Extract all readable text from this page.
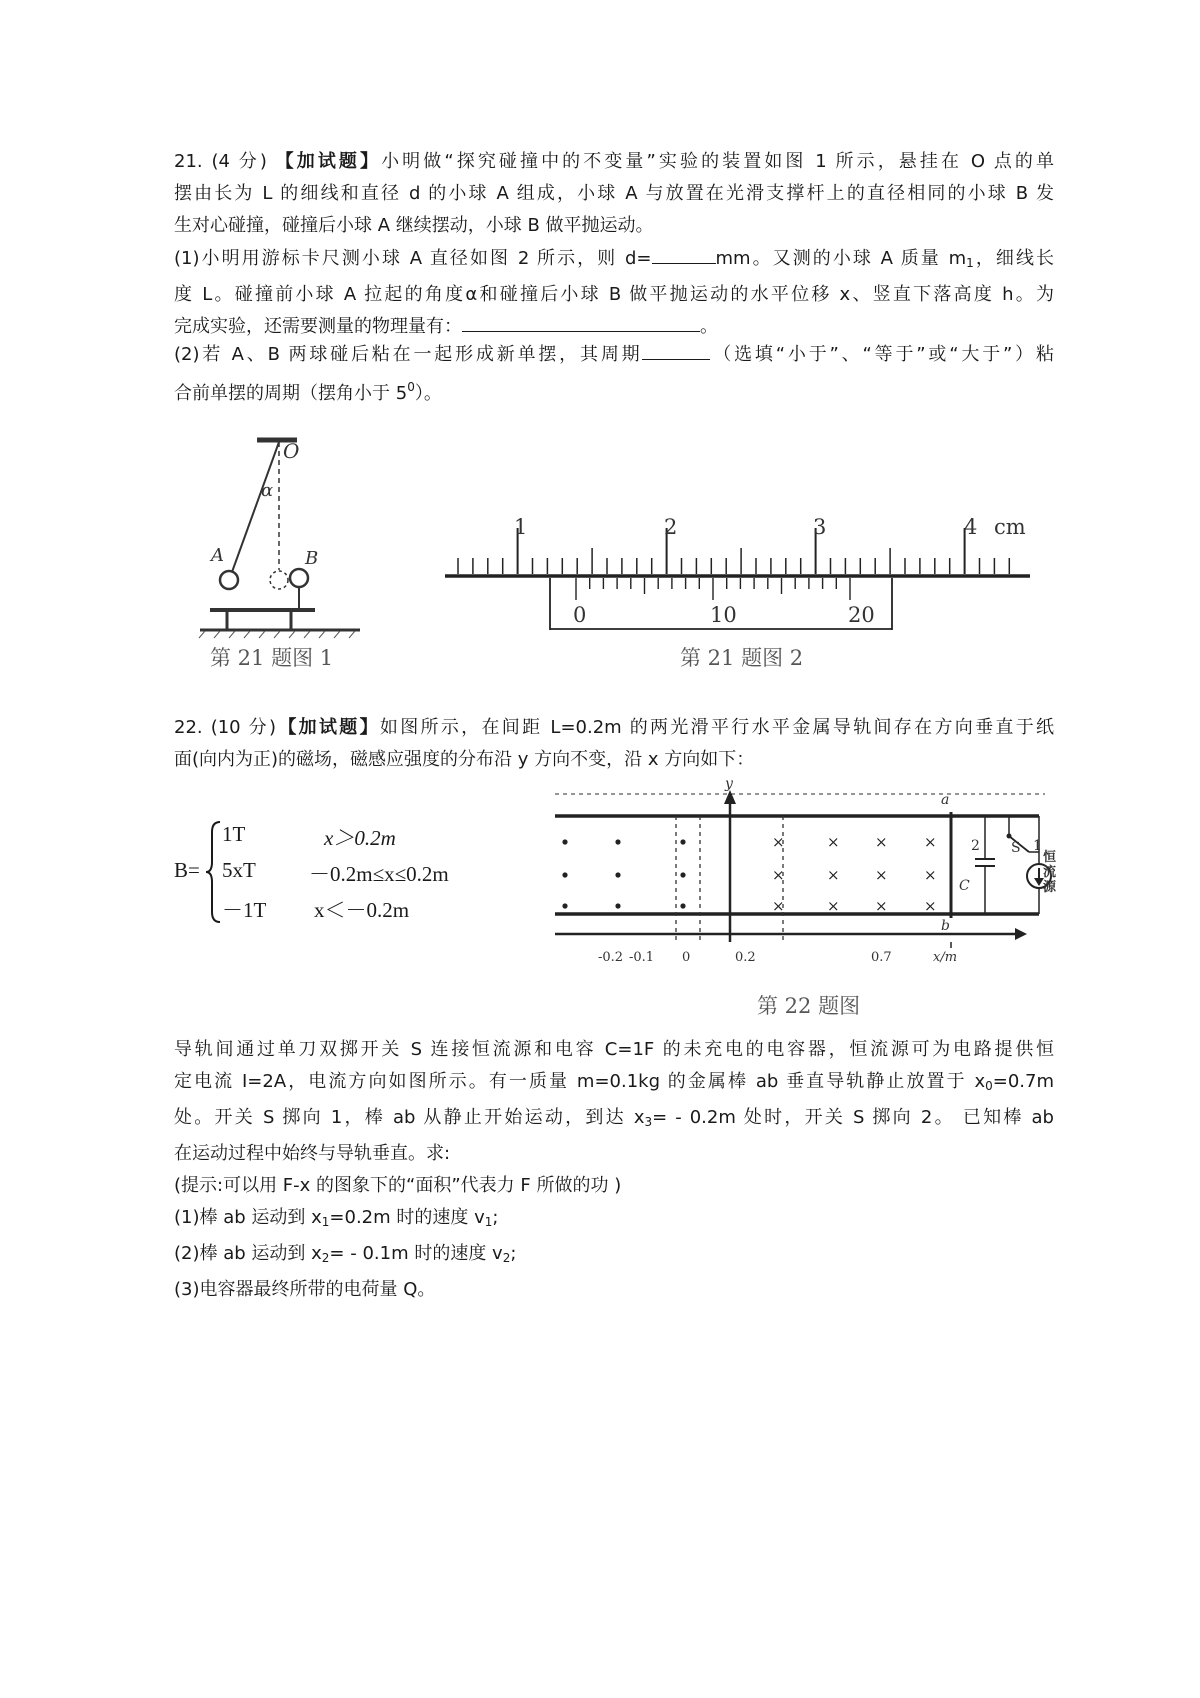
21. (4 分) 【加试题】小明做“探究碰撞中的不变量”实验的装置如图 1 所示，悬挂在 O 点的单
摆由长为 L 的细线和直径 d 的小球 A 组成，小球 A 与放置在光滑支撑杆上的直径相同的小球 B 发
生对心碰撞，碰撞后小球 A 继续摆动，小球 B 做平抛运动。
(1)小明用游标卡尺测小球 A 直径如图 2 所示，则 d=	mm。又测的小球 A 质量 $m_1$，细线长
度 L。碰撞前小球 A 拉起的角度α和碰撞后小球 B 做平抛运动的水平位移 x、竖直下落高度 h。为
完成实验，还需要测量的物理量有：	。
(2)若 A、B 两球碰后粘在一起形成新单摆，其周期	（选填“小于”、“等于”或“大于”）粘
合前单摆的周期（摆角小于 $5^0$）。
O
α
A	B
第 21 题图 1
1	2	3	4 cm
0	10	20
第 21 题图 2
22. (10 分)【加试题】如图所示，在间距 L=0.2m 的两光滑平行水平金属导轨间存在方向垂直于纸
面(向内为正)的磁场，磁感应强度的分布沿 y 方向不变，沿 x 方向如下：
B=
1T	x＞0.2m
5xT	－0.2m≤x≤0.2m
－1T x＜－0.2m
×	× × ×
×	× × ×
×	× × ×
y
a
b
S 1
2
C
-0.2 -0.1 0	0.2	0.7	x/m
恒
流
源
第 22 题图
导轨间通过单刀双掷开关 S 连接恒流源和电容 C=1F 的未充电的电容器，恒流源可为电路提供恒
定电流 I=2A，电流方向如图所示。有一质量 m=0.1kg 的金属棒 ab 垂直导轨静止放置于 $x_0=0.7m$
处。开关 S 掷向 1，棒 ab 从静止开始运动，到达 $x_3= - 0.2m$ 处时，开关 S 掷向 2。 已知棒 ab
在运动过程中始终与导轨垂直。求:
(提示:可以用 F-x 的图象下的“面积”代表力 F 所做的功 )
(1)棒 ab 运动到 $x_1=0.2m$ 时的速度 $v_1$;
(2)棒 ab 运动到 $x_2= - 0.1m$ 时的速度 $v_2$;
(3)电容器最终所带的电荷量 Q。
